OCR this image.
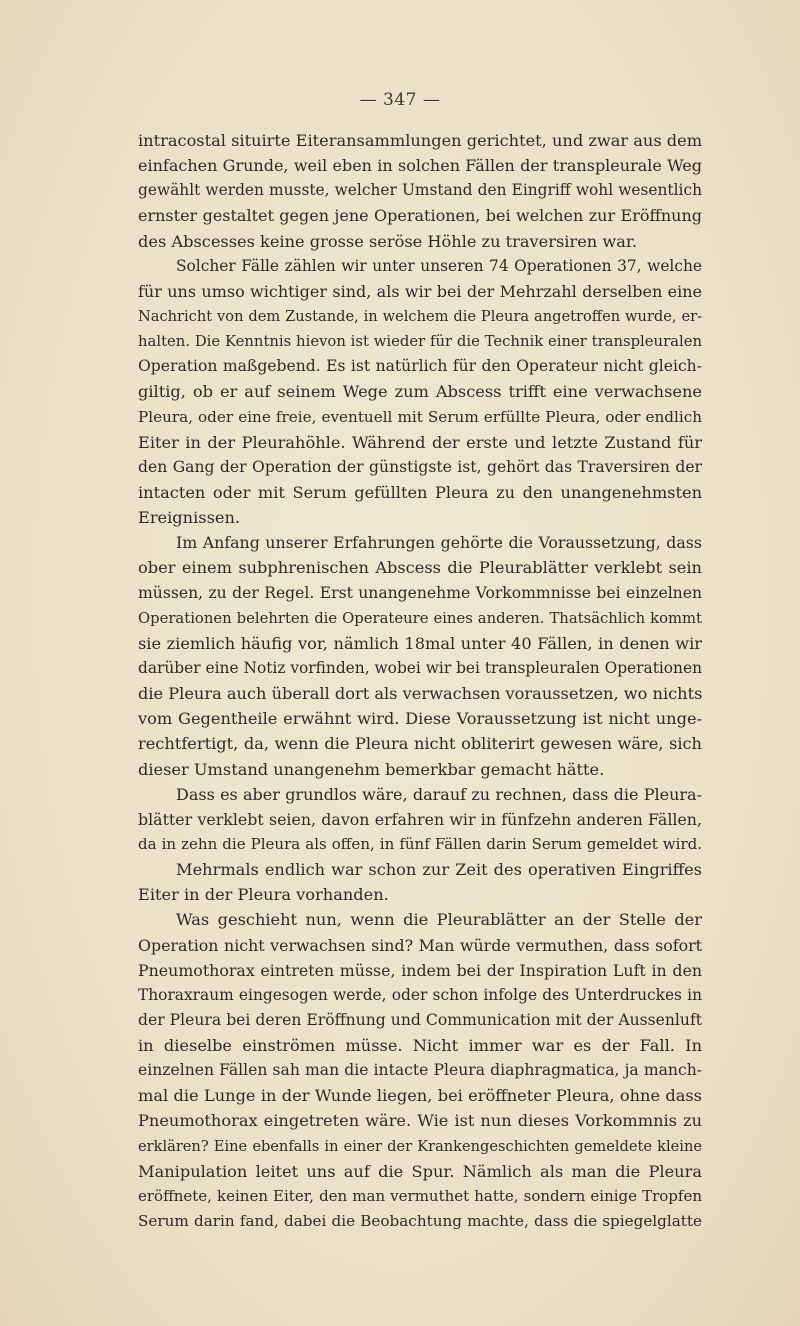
— 347 —
intracostal situirte Eiteransammlungen gerichtet, und zwar aus dem
einfachen Grunde, weil eben in solchen Fällen der transpleurale Weg
gewählt werden musste, welcher Umstand den Eingriff wohl wesentlich
ernster gestaltet gegen jene Operationen, bei welchen zur Eröffnung
des Abscesses keine grosse seröse Höhle zu traversiren war.
Solcher Fälle zählen wir unter unseren 74 Operationen 37, welche
für uns umso wichtiger sind, als wir bei der Mehrzahl derselben eine
Nachricht von dem Zustande, in welchem die Pleura angetroffen wurde, er-
halten. Die Kenntnis hievon ist wieder für die Technik einer transpleuralen
Operation maßgebend. Es ist natürlich für den Operateur nicht gleich-
giltig, ob er auf seinem Wege zum Abscess trifft eine verwachsene
Pleura, oder eine freie, eventuell mit Serum erfüllte Pleura, oder endlich
Eiter in der Pleurahöhle. Während der erste und letzte Zustand für
den Gang der Operation der günstigste ist, gehört das Traversiren der
intacten oder mit Serum gefüllten Pleura zu den unangenehmsten
Ereignissen.
Im Anfang unserer Erfahrungen gehörte die Voraussetzung, dass
ober einem subphrenischen Abscess die Pleurablätter verklebt sein
müssen, zu der Regel. Erst unangenehme Vorkommnisse bei einzelnen
Operationen belehrten die Operateure eines anderen. Thatsächlich kommt
sie ziemlich häufig vor, nämlich 18mal unter 40 Fällen, in denen wir
darüber eine Notiz vorfinden, wobei wir bei transpleuralen Operationen
die Pleura auch überall dort als verwachsen voraussetzen, wo nichts
vom Gegentheile erwähnt wird. Diese Voraussetzung ist nicht unge-
rechtfertigt, da, wenn die Pleura nicht obliterirt gewesen wäre, sich
dieser Umstand unangenehm bemerkbar gemacht hätte.
Dass es aber grundlos wäre, darauf zu rechnen, dass die Pleura-
blätter verklebt seien, davon erfahren wir in fünfzehn anderen Fällen,
da in zehn die Pleura als offen, in fünf Fällen darin Serum gemeldet wird.
Mehrmals endlich war schon zur Zeit des operativen Eingriffes
Eiter in der Pleura vorhanden.
Was geschieht nun, wenn die Pleurablätter an der Stelle der
Operation nicht verwachsen sind? Man würde vermuthen, dass sofort
Pneumothorax eintreten müsse, indem bei der Inspiration Luft in den
Thoraxraum eingesogen werde, oder schon infolge des Unterdruckes in
der Pleura bei deren Eröffnung und Communication mit der Aussenluft
in dieselbe einströmen müsse. Nicht immer war es der Fall. In
einzelnen Fällen sah man die intacte Pleura diaphragmatica, ja manch-
mal die Lunge in der Wunde liegen, bei eröffneter Pleura, ohne dass
Pneumothorax eingetreten wäre. Wie ist nun dieses Vorkommnis zu
erklären? Eine ebenfalls in einer der Krankengeschichten gemeldete kleine
Manipulation leitet uns auf die Spur. Nämlich als man die Pleura
eröffnete, keinen Eiter, den man vermuthet hatte, sondern einige Tropfen
Serum darin fand, dabei die Beobachtung machte, dass die spiegelglatte
